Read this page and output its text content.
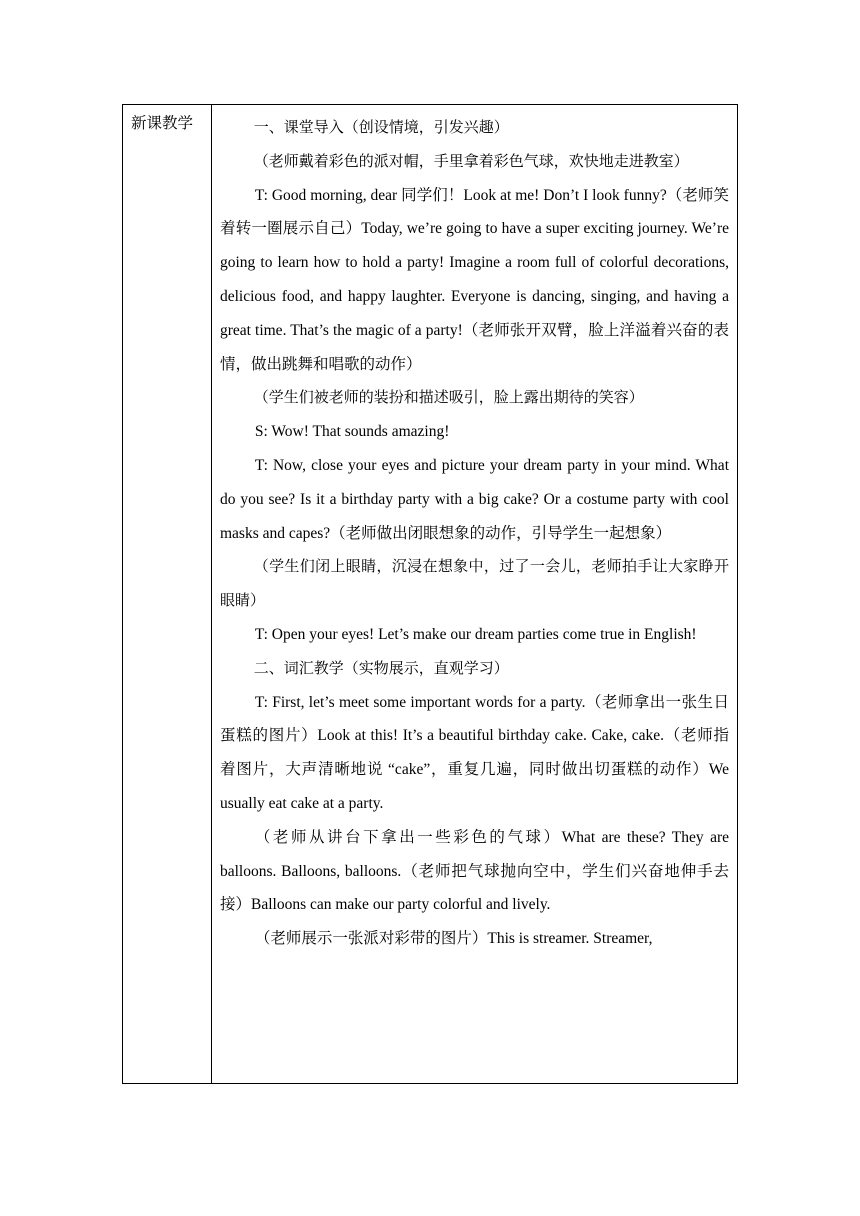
新课教学	一、课堂导入（创设情境，引发兴趣）

（老师戴着彩色的派对帽，手里拿着彩色气球，欢快地走进教室）

T: Good morning, dear 同学们！Look at me! Don’t I look funny?（老师笑着转一圈展示自己）Today, we’re going to have a super exciting journey. We’re going to learn how to hold a party! Imagine a room full of colorful decorations, delicious food, and happy laughter. Everyone is dancing, singing, and having a great time. That’s the magic of a party!（老师张开双臂，脸上洋溢着兴奋的表情，做出跳舞和唱歌的动作）

（学生们被老师的装扮和描述吸引，脸上露出期待的笑容）

S: Wow! That sounds amazing!

T: Now, close your eyes and picture your dream party in your mind. What do you see? Is it a birthday party with a big cake? Or a costume party with cool masks and capes?（老师做出闭眼想象的动作，引导学生一起想象）

（学生们闭上眼睛，沉浸在想象中，过了一会儿，老师拍手让大家睁开眼睛）

T: Open your eyes! Let’s make our dream parties come true in English!

二、词汇教学（实物展示，直观学习）

T: First, let’s meet some important words for a party.（老师拿出一张生日蛋糕的图片）Look at this! It’s a beautiful birthday cake. Cake, cake.（老师指着图片，大声清晰地说 “cake”，重复几遍，同时做出切蛋糕的动作）We usually eat cake at a party.

（老师从讲台下拿出一些彩色的气球）What are these? They are balloons. Balloons, balloons.（老师把气球抛向空中，学生们兴奋地伸手去接）Balloons can make our party colorful and lively.

（老师展示一张派对彩带的图片）This is streamer. Streamer,
